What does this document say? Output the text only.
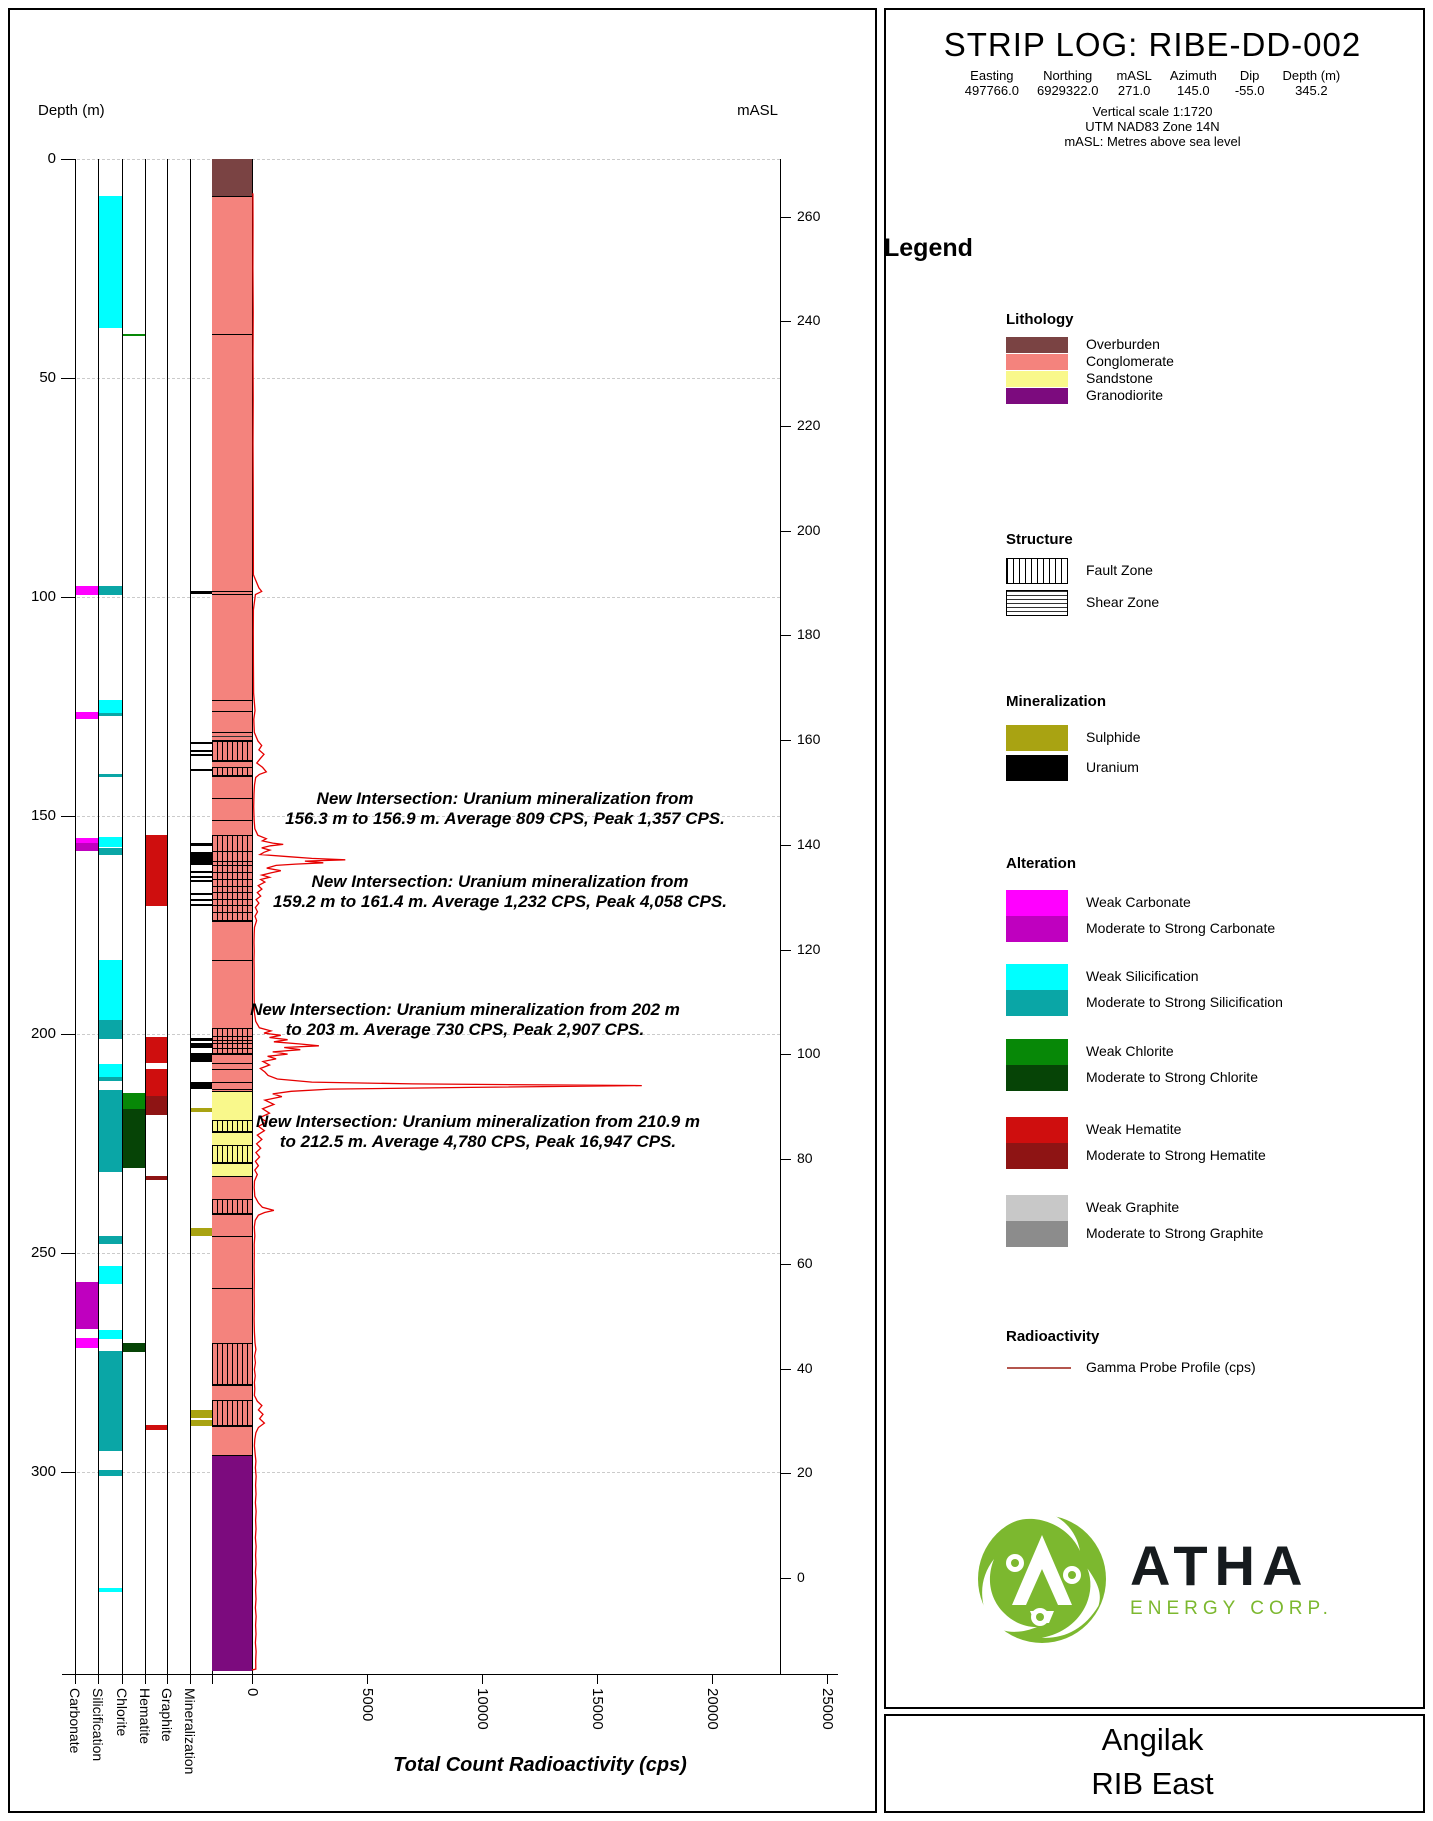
Depth (m)	mASL
Total Count Radioactivity (cps)
0
50
100
150
200
250
300
Carbonate Silicification Chlorite Hematite Graphite Mineralization	0	5000	10000	15000	20000	25000
260
240
220
200
180
160
140
120
100
80
60
40
20
0
New Intersection: Uranium mineralization from
156.3 m to 156.9 m. Average 809 CPS, Peak 1,357 CPS.
New Intersection: Uranium mineralization from
159.2 m to 161.4 m. Average 1,232 CPS, Peak 4,058 CPS.
New Intersection: Uranium mineralization from 202 m
to 203 m. Average 730 CPS, Peak 2,907 CPS.
New Intersection: Uranium mineralization from 210.9 m
to 212.5 m. Average 4,780 CPS, Peak 16,947 CPS.
STRIP LOG: RIBE-DD-002
Easting
497766.0
Northing
6929322.0
mASL
271.0
Azimuth
145.0
Dip
-55.0
Depth (m)
345.2
Vertical scale 1:1720
UTM NAD83 Zone 14N
mASL: Metres above sea level
Legend
Lithology
Overburden
Conglomerate
Sandstone
Granodiorite
Structure
Fault Zone
Shear Zone
Mineralization
Sulphide
Uranium
Alteration
Weak Carbonate
Moderate to Strong Carbonate
Weak Silicification
Moderate to Strong Silicification
Weak Chlorite
Moderate to Strong Chlorite
Weak Hematite
Moderate to Strong Hematite
Weak Graphite
Moderate to Strong Graphite
Radioactivity
Gamma Probe Profile (cps)
ATHA
ENERGY CORP.
Angilak
RIB East
